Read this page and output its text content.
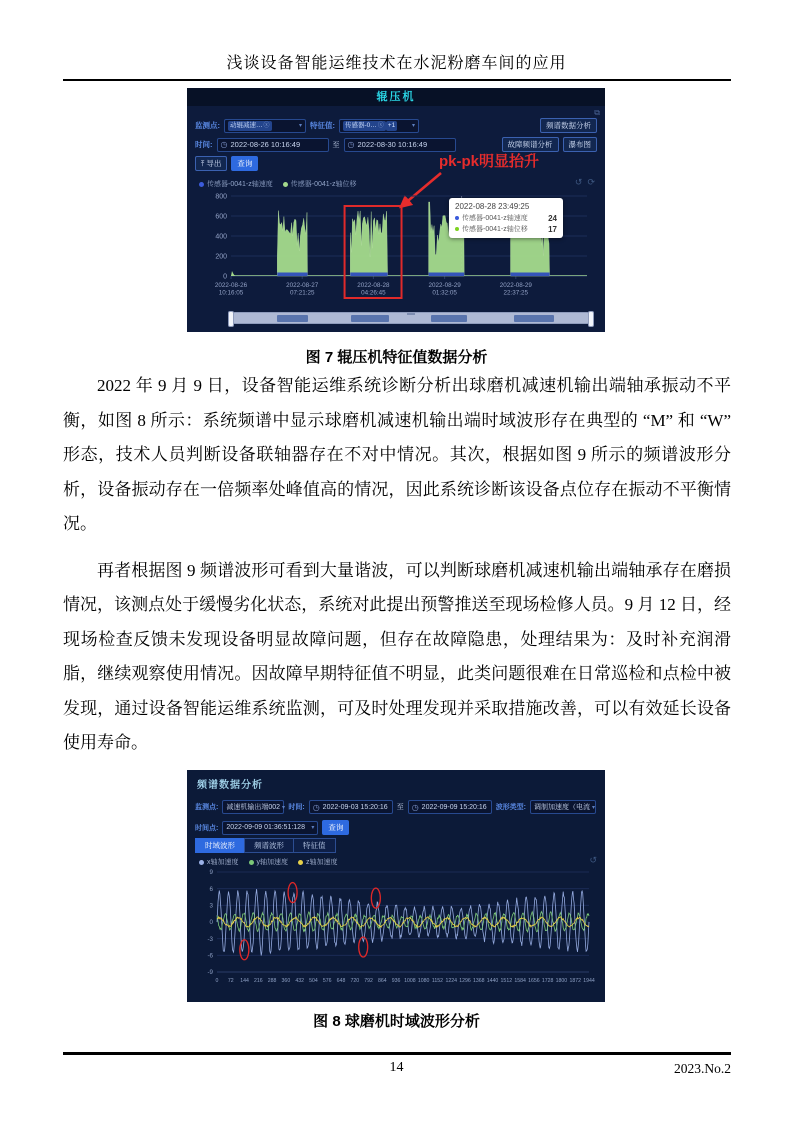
浅谈设备智能运维技术在水泥粉磨车间的应用
辊压机
⧉
监测点: 动辊减速… ⓧ	▾ 特征值: 传感器-0… ⓧ +1	▾	频谱数据分析
时间: ◷ 2022-08-26 10:16:49	至 ◷ 2022-08-30 10:16:49	故障频谱分析	瀑布图
⤒ 导出	查询	pk-pk明显抬升
传感器-0041-z轴速度	传感器-0041-z轴位移	↺ ⟳
0
200
400
600
800
2022-08-26 10:16:05
2022-08-27 07:21:25
2022-08-28 04:26:45
2022-08-29 01:32:05
2022-08-29 22:37:25
2022-08-28 23:49:25
传感器-0041-z轴速度	24
传感器-0041-z轴位移	17
图 7 辊压机特征值数据分析

2022 年 9 月 9 日，设备智能运维系统诊断分析出球磨机减速机输出端轴承振动不平衡，如图 8 所示：系统频谱中显示球磨机减速机输出端时域波形存在典型的 “M” 和 “W” 形态，技术人员判断设备联轴器存在不对中情况。其次，根据如图 9 所示的频谱波形分析，设备振动存在一倍频率处峰值高的情况，因此系统诊断该设备点位存在振动不平衡情况。

再者根据图 9 频谱波形可看到大量谐波，可以判断球磨机减速机输出端轴承存在磨损情况，该测点处于缓慢劣化状态，系统对此提出预警推送至现场检修人员。9 月 12 日，经现场检查反馈未发现设备明显故障问题，但存在故障隐患，处理结果为：及时补充润滑脂，继续观察使用情况。因故障早期特征值不明显，此类问题很难在日常巡检和点检中被发现，通过设备智能运维系统监测，可及时处理发现并采取措施改善，可以有效延长设备使用寿命。

频谱数据分析
监测点: 减速机输出端002 ▾ 时间: ◷ 2022-09-03 15:20:16 至 ◷ 2022-09-09 15:20:16 波形类型: 调制加速度（电流 ▾
时间点: 2022-09-09 01:36:51:128	▾	查询
时域波形	频谱波形	特征值
x轴加速度	y轴加速度	z轴加速度	↺
9
6
3
0
-3
-6
-9
0 72 144 216 288 360 432 504 576 648 720 792 864 936 1008 1080 1152 1224 1296 1368 1440 1512 1584 1656 1728 1800 1872 1944
图 8 球磨机时域波形分析
14	2023.No.2
